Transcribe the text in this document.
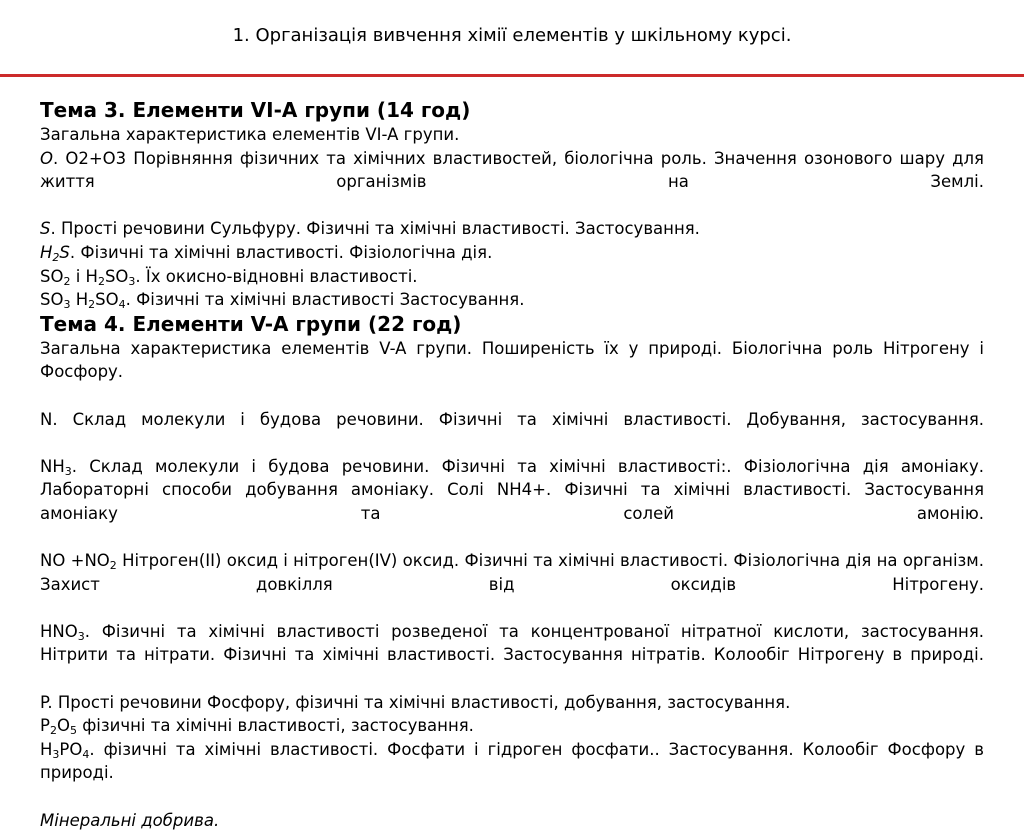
1. Організація вивчення хімії елементів у шкільному курсі.

Тема 3. Елементи VI-A групи (14 год)

Загальна характеристика елементів VI-A групи.

O. O2+O3 Порівняння фізичних та хімічних властивостей, біологічна роль. Значення озонового шару для життя організмів на Землі.

S. Прості речовини Сульфуру. Фізичні та хімічні властивості. Застосування.

$H_2S$. Фізичні та хімічні властивості. Фізіологічна дія.

$SO_2$ і $H_2SO_3$. Їх окисно-відновні властивості.

$SO_3$ $H_2SO_4$. Фізичні та хімічні властивості Застосування.

Тема 4. Елементи V-A групи (22 год)

Загальна характеристика елементів V-A групи. Поширеність їх у природі. Біологічна роль Нітрогену і Фосфору.

N. Склад молекули і будова речовини. Фізичні та хімічні властивості. Добування, застосування.

$NH_3$. Склад молекули і будова речовини. Фізичні та хімічні властивості:. Фізіологічна дія амоніаку. Лабораторні способи добування амоніаку. Солі NH4+. Фізичні та хімічні властивості. Застосування амоніаку та солей амонію.

NO $+NO_2$ Нітроген(II) оксид і нітроген(IV) оксид. Фізичні та хімічні властивості. Фізіологічна дія на організм. Захист довкілля від оксидів Нітрогену.

$HNO_3$. Фізичні та хімічні властивості розведеної та концентрованої нітратної кислоти, застосування. Нітрити та нітрати. Фізичні та хімічні властивості. Застосування нітратів. Колообіг Нітрогену в природі.

P. Прості речовини Фосфору, фізичні та хімічні властивості, добування, застосування.

$P_2O_5$ фізичні та хімічні властивості, застосування.

$H_3PO_4$. фізичні та хімічні властивості. Фосфати і гідроген фосфати.. Застосування. Колообіг Фосфору в природі.

Мінеральні добрива.
